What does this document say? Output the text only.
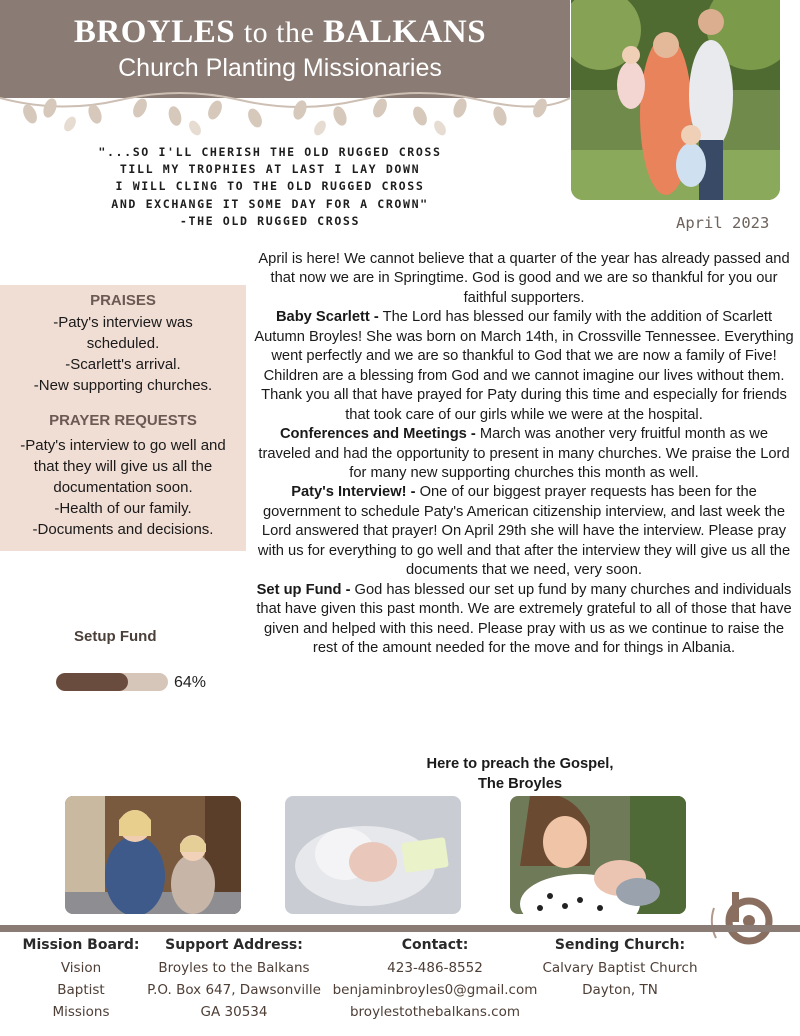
BROYLES to the BALKANS
Church Planting Missionaries
"...SO I'LL CHERISH THE OLD RUGGED CROSS
TILL MY TROPHIES AT LAST I LAY DOWN
I WILL CLING TO THE OLD RUGGED CROSS
AND EXCHANGE IT SOME DAY FOR A CROWN"
-THE OLD RUGGED CROSS	April 2023
PRAISES
-Paty's interview was
scheduled.
-Scarlett's arrival.
-New supporting churches.
PRAYER REQUESTS
-Paty's interview to go well and
that they will give us all the
documentation soon.
-Health of our family.
-Documents and decisions.
Setup Fund
64%

April is here! We cannot believe that a quarter of the year has already passed and that now we are in Springtime. God is good and we are so thankful for you our faithful supporters.

Baby Scarlett - The Lord has blessed our family with the addition of Scarlett Autumn Broyles! She was born on March 14th, in Crossville Tennessee. Everything went perfectly and we are so thankful to God that we are now a family of Five! Children are a blessing from God and we cannot imagine our lives without them. Thank you all that have prayed for Paty during this time and especially for friends that took care of our girls while we were at the hospital.

Conferences and Meetings - March was another very fruitful month as we traveled and had the opportunity to present in many churches. We praise the Lord for many new supporting churches this month as well.

Paty's Interview! - One of our biggest prayer requests has been for the government to schedule Paty's American citizenship interview, and last week the Lord answered that prayer! On April 29th she will have the interview. Please pray with us for everything to go well and that after the interview they will give us all the documents that we need, very soon.

Set up Fund - God has blessed our set up fund by many churches and individuals that have given this past month. We are extremely grateful to all of those that have given and helped with this need. Please pray with us as we continue to raise the rest of the amount needed for the move and for things in Albania.

Here to preach the Gospel,
The Broyles
Mission Board:
Vision
Baptist
Missions
Support Address:
Broyles to the Balkans
P.O. Box 647, Dawsonville
GA 30534
Contact:
423-486-8552
benjaminbroyles0@gmail.com
broylestothebalkans.com
Sending Church:
Calvary Baptist Church
Dayton, TN
